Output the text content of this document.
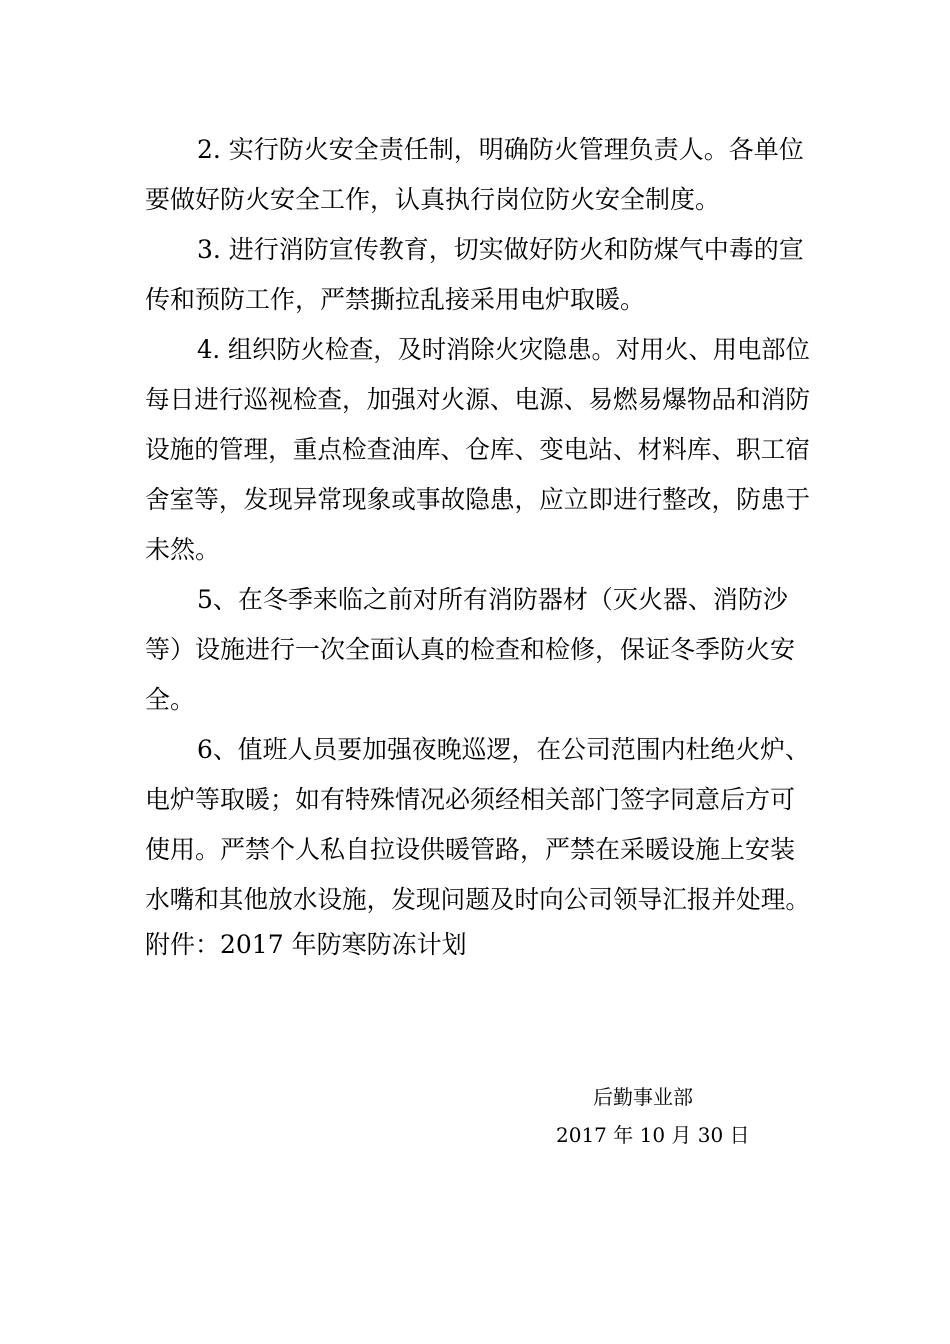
2. 实行防火安全责任制，明确防火管理负责人。各单位
要做好防火安全工作，认真执行岗位防火安全制度。
3. 进行消防宣传教育，切实做好防火和防煤气中毒的宣
传和预防工作，严禁撕拉乱接采用电炉取暖。
4. 组织防火检查，及时消除火灾隐患。对用火、用电部位
每日进行巡视检查，加强对火源、电源、易燃易爆物品和消防
设施的管理，重点检查油库、仓库、变电站、材料库、职工宿
舍室等，发现异常现象或事故隐患，应立即进行整改，防患于
未然。
5、在冬季来临之前对所有消防器材（灭火器、消防沙
等）设施进行一次全面认真的检查和检修，保证冬季防火安
全。
6、值班人员要加强夜晚巡逻，在公司范围内杜绝火炉、
电炉等取暖；如有特殊情况必须经相关部门签字同意后方可
使用。严禁个人私自拉设供暖管路，严禁在采暖设施上安装
水嘴和其他放水设施，发现问题及时向公司领导汇报并处理。
附件：2017 年防寒防冻计划
后勤事业部
2017 年 10 月 30 日
